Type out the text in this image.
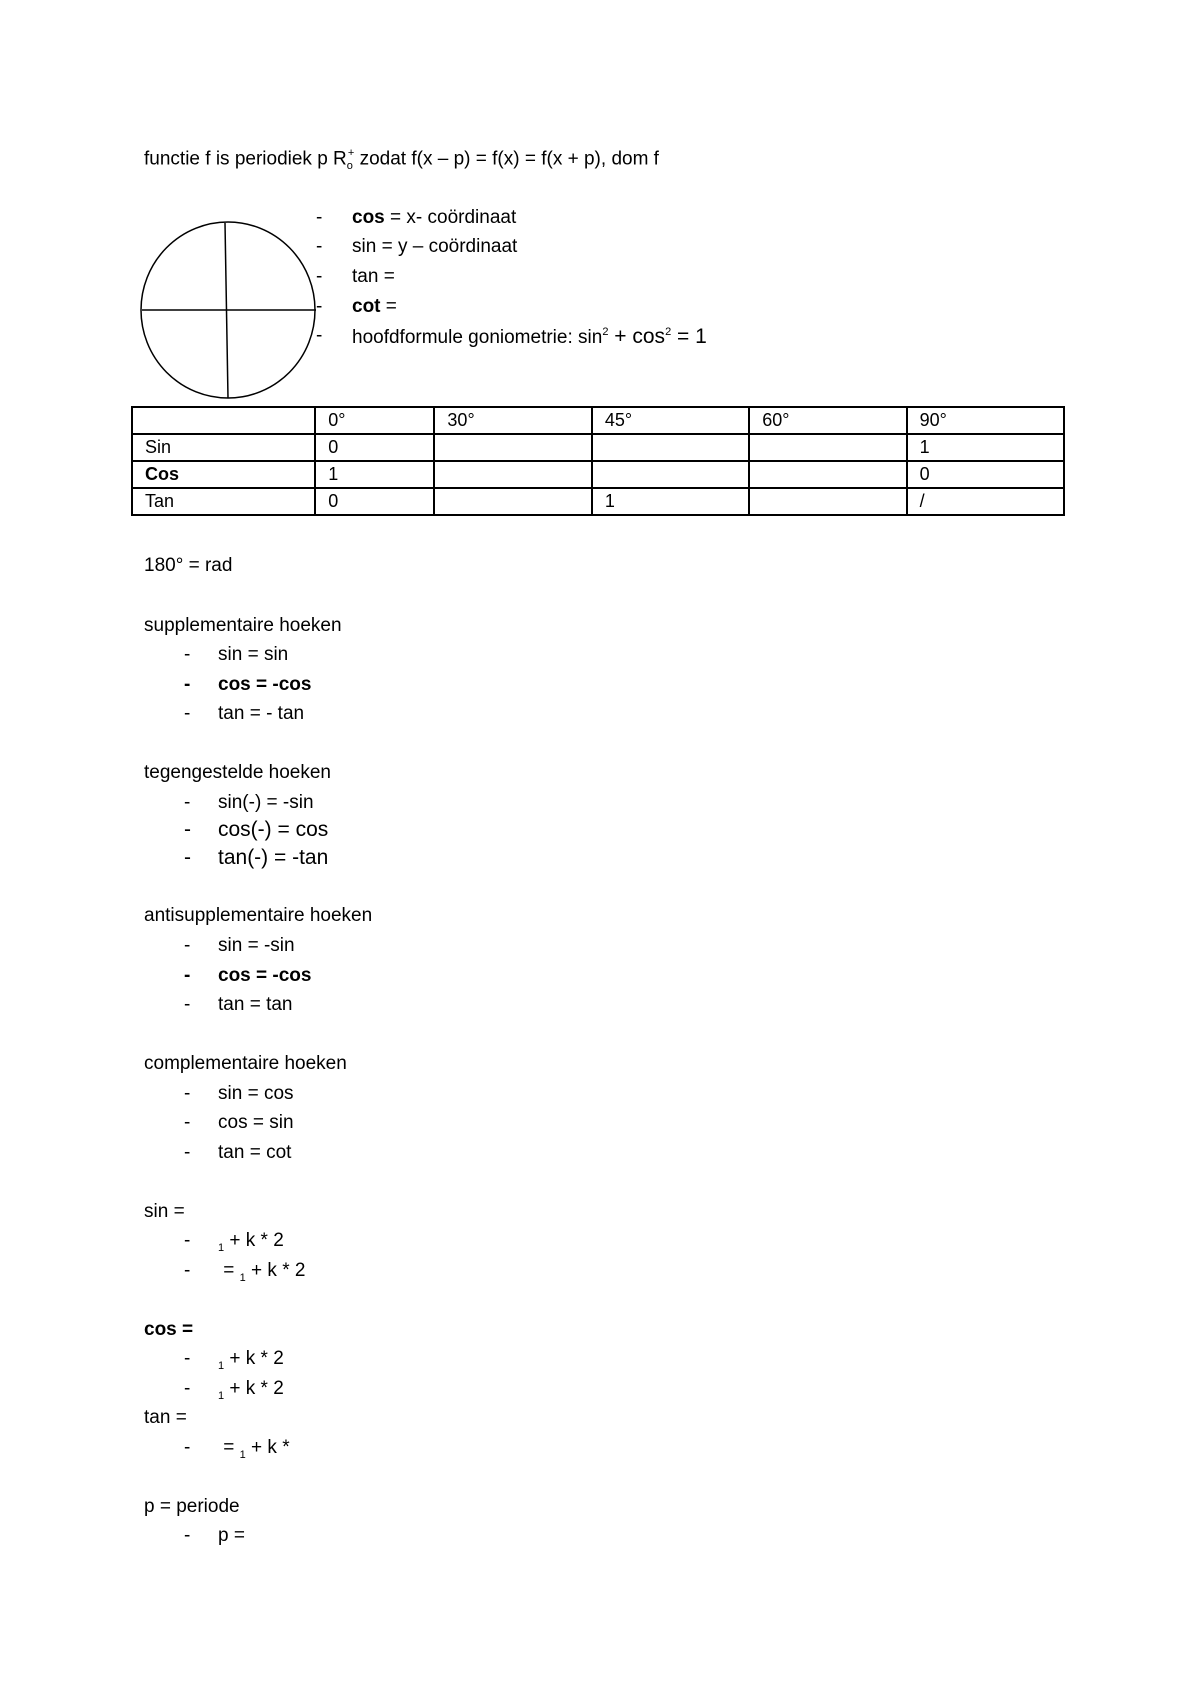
functie f is periodiek p $R_o^+$ zodat f(x – p) = f(x) = f(x + p), dom f
- cos = x- coördinaat
- sin = y – coördinaat
- tan =
- cot =
- hoofdformule goniometrie: $\sin^2 + \cos^2 = 1$
	0°	30°	45°	60°	90°
Sin	0				1
Cos	1				0
Tan	0		1		/
180° = rad
supplementaire hoeken
- sin = sin
- cos = -cos
- tan = - tan
tegengestelde hoeken
- sin(-) = -sin
- cos(-) = cos
- tan(-) = -tan
antisupplementaire hoeken
- sin = -sin
- cos = -cos
- tan = tan
complementaire hoeken
- sin = cos
- cos = sin
- tan = cot
sin =
-	$_1$ + k * 2
- = $_1$ + k * 2
cos =
-	$_1$ + k * 2
-	$_1$ + k * 2
tan =
- = $_1$ + k *
p = periode
- p =
